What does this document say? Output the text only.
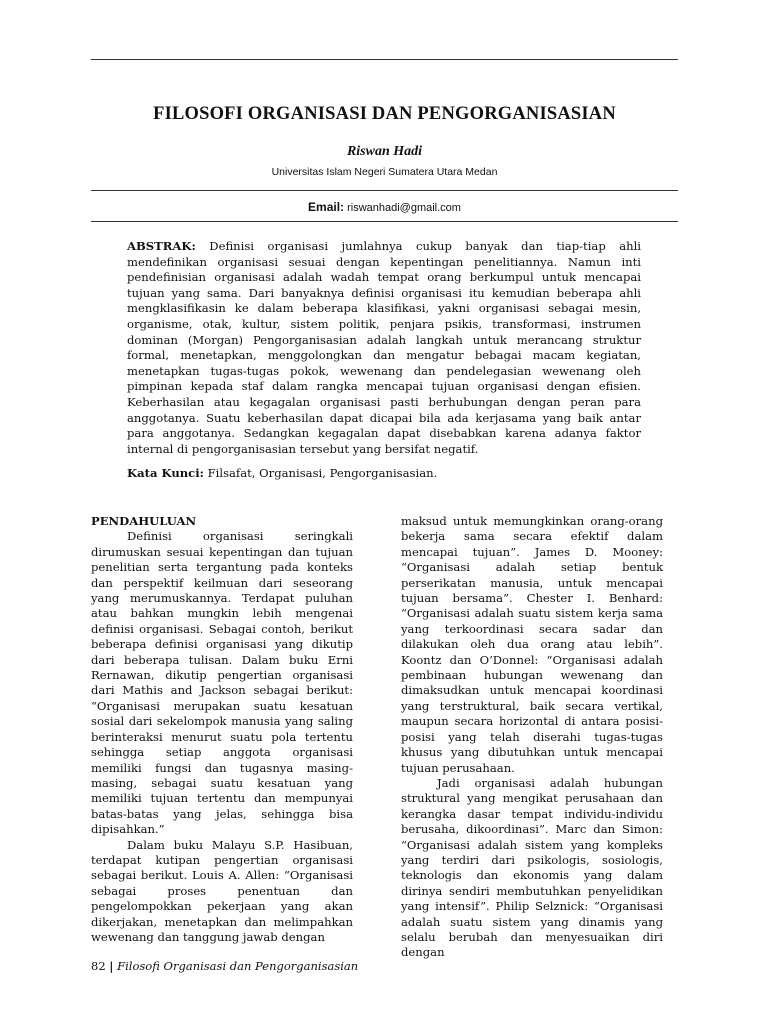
FILOSOFI ORGANISASI DAN PENGORGANISASIAN
Riswan Hadi
Universitas Islam Negeri Sumatera Utara Medan
Email: riswanhadi@gmail.com

ABSTRAK: Definisi organisasi jumlahnya cukup banyak dan tiap-tiap ahli mendefinikan organisasi sesuai dengan kepentingan penelitiannya. Namun inti pendefinisian organisasi adalah wadah tempat orang berkumpul untuk mencapai tujuan yang sama. Dari banyaknya definisi organisasi itu kemudian beberapa ahli mengklasifikasin ke dalam beberapa klasifikasi, yakni organisasi sebagai mesin, organisme, otak, kultur, sistem politik, penjara psikis, transformasi, instrumen dominan (Morgan) Pengorganisasian adalah langkah untuk merancang struktur formal, menetapkan, menggolongkan dan mengatur bebagai macam kegiatan, menetapkan tugas-tugas pokok, wewenang dan pendelegasian wewenang oleh pimpinan kepada staf dalam rangka mencapai tujuan organisasi dengan efisien. Keberhasilan atau kegagalan organisasi pasti berhubungan dengan peran para anggotanya. Suatu keberhasilan dapat dicapai bila ada kerjasama yang baik antar para anggotanya. Sedangkan kegagalan dapat disebabkan karena adanya faktor internal di pengorganisasian tersebut yang bersifat negatif.

Kata Kunci: Filsafat, Organisasi, Pengorganisasian.

PENDAHULUAN

Definisi organisasi seringkali dirumuskan sesuai kepentingan dan tujuan penelitian serta tergantung pada konteks dan perspektif keilmuan dari seseorang yang merumuskannya. Terdapat puluhan atau bahkan mungkin lebih mengenai definisi organisasi. Sebagai contoh, berikut beberapa definisi organisasi yang dikutip dari beberapa tulisan. Dalam buku Erni Rernawan, dikutip pengertian organisasi dari Mathis and Jackson sebagai berikut: “Organisasi merupakan suatu kesatuan sosial dari sekelompok manusia yang saling berinteraksi menurut suatu pola tertentu sehingga setiap anggota organisasi memiliki fungsi dan tugasnya masing-masing, sebagai suatu kesatuan yang memiliki tujuan tertentu dan mempunyai batas-batas yang jelas, sehingga bisa dipisahkan.”

Dalam buku Malayu S.P. Hasibuan, terdapat kutipan pengertian organisasi sebagai berikut. Louis A. Allen: “Organisasi sebagai proses penentuan dan pengelompokkan pekerjaan yang akan dikerjakan, menetapkan dan melimpahkan wewenang dan tanggung jawab dengan

maksud untuk memungkinkan orang-orang bekerja sama secara efektif dalam mencapai tujuan”. James D. Mooney: “Organisasi adalah setiap bentuk perserikatan manusia, untuk mencapai tujuan bersama”. Chester I. Benhard: “Organisasi adalah suatu sistem kerja sama yang terkoordinasi secara sadar dan dilakukan oleh dua orang atau lebih”. Koontz dan O’Donnel: “Organisasi adalah pembinaan hubungan wewenang dan dimaksudkan untuk mencapai koordinasi yang terstruktural, baik secara vertikal, maupun secara horizontal di antara posisi-posisi yang telah diserahi tugas-tugas khusus yang dibutuhkan untuk mencapai tujuan perusahaan.

Jadi organisasi adalah hubungan struktural yang mengikat perusahaan dan kerangka dasar tempat individu-individu berusaha, dikoordinasi”. Marc dan Simon: “Organisasi adalah sistem yang kompleks yang terdiri dari psikologis, sosiologis, teknologis dan ekonomis yang dalam dirinya sendiri membutuhkan penyelidikan yang intensif”. Philip Selznick: “Organisasi adalah suatu sistem yang dinamis yang selalu berubah dan menyesuaikan diri dengan

82 | Filosofi Organisasi dan Pengorganisasian
